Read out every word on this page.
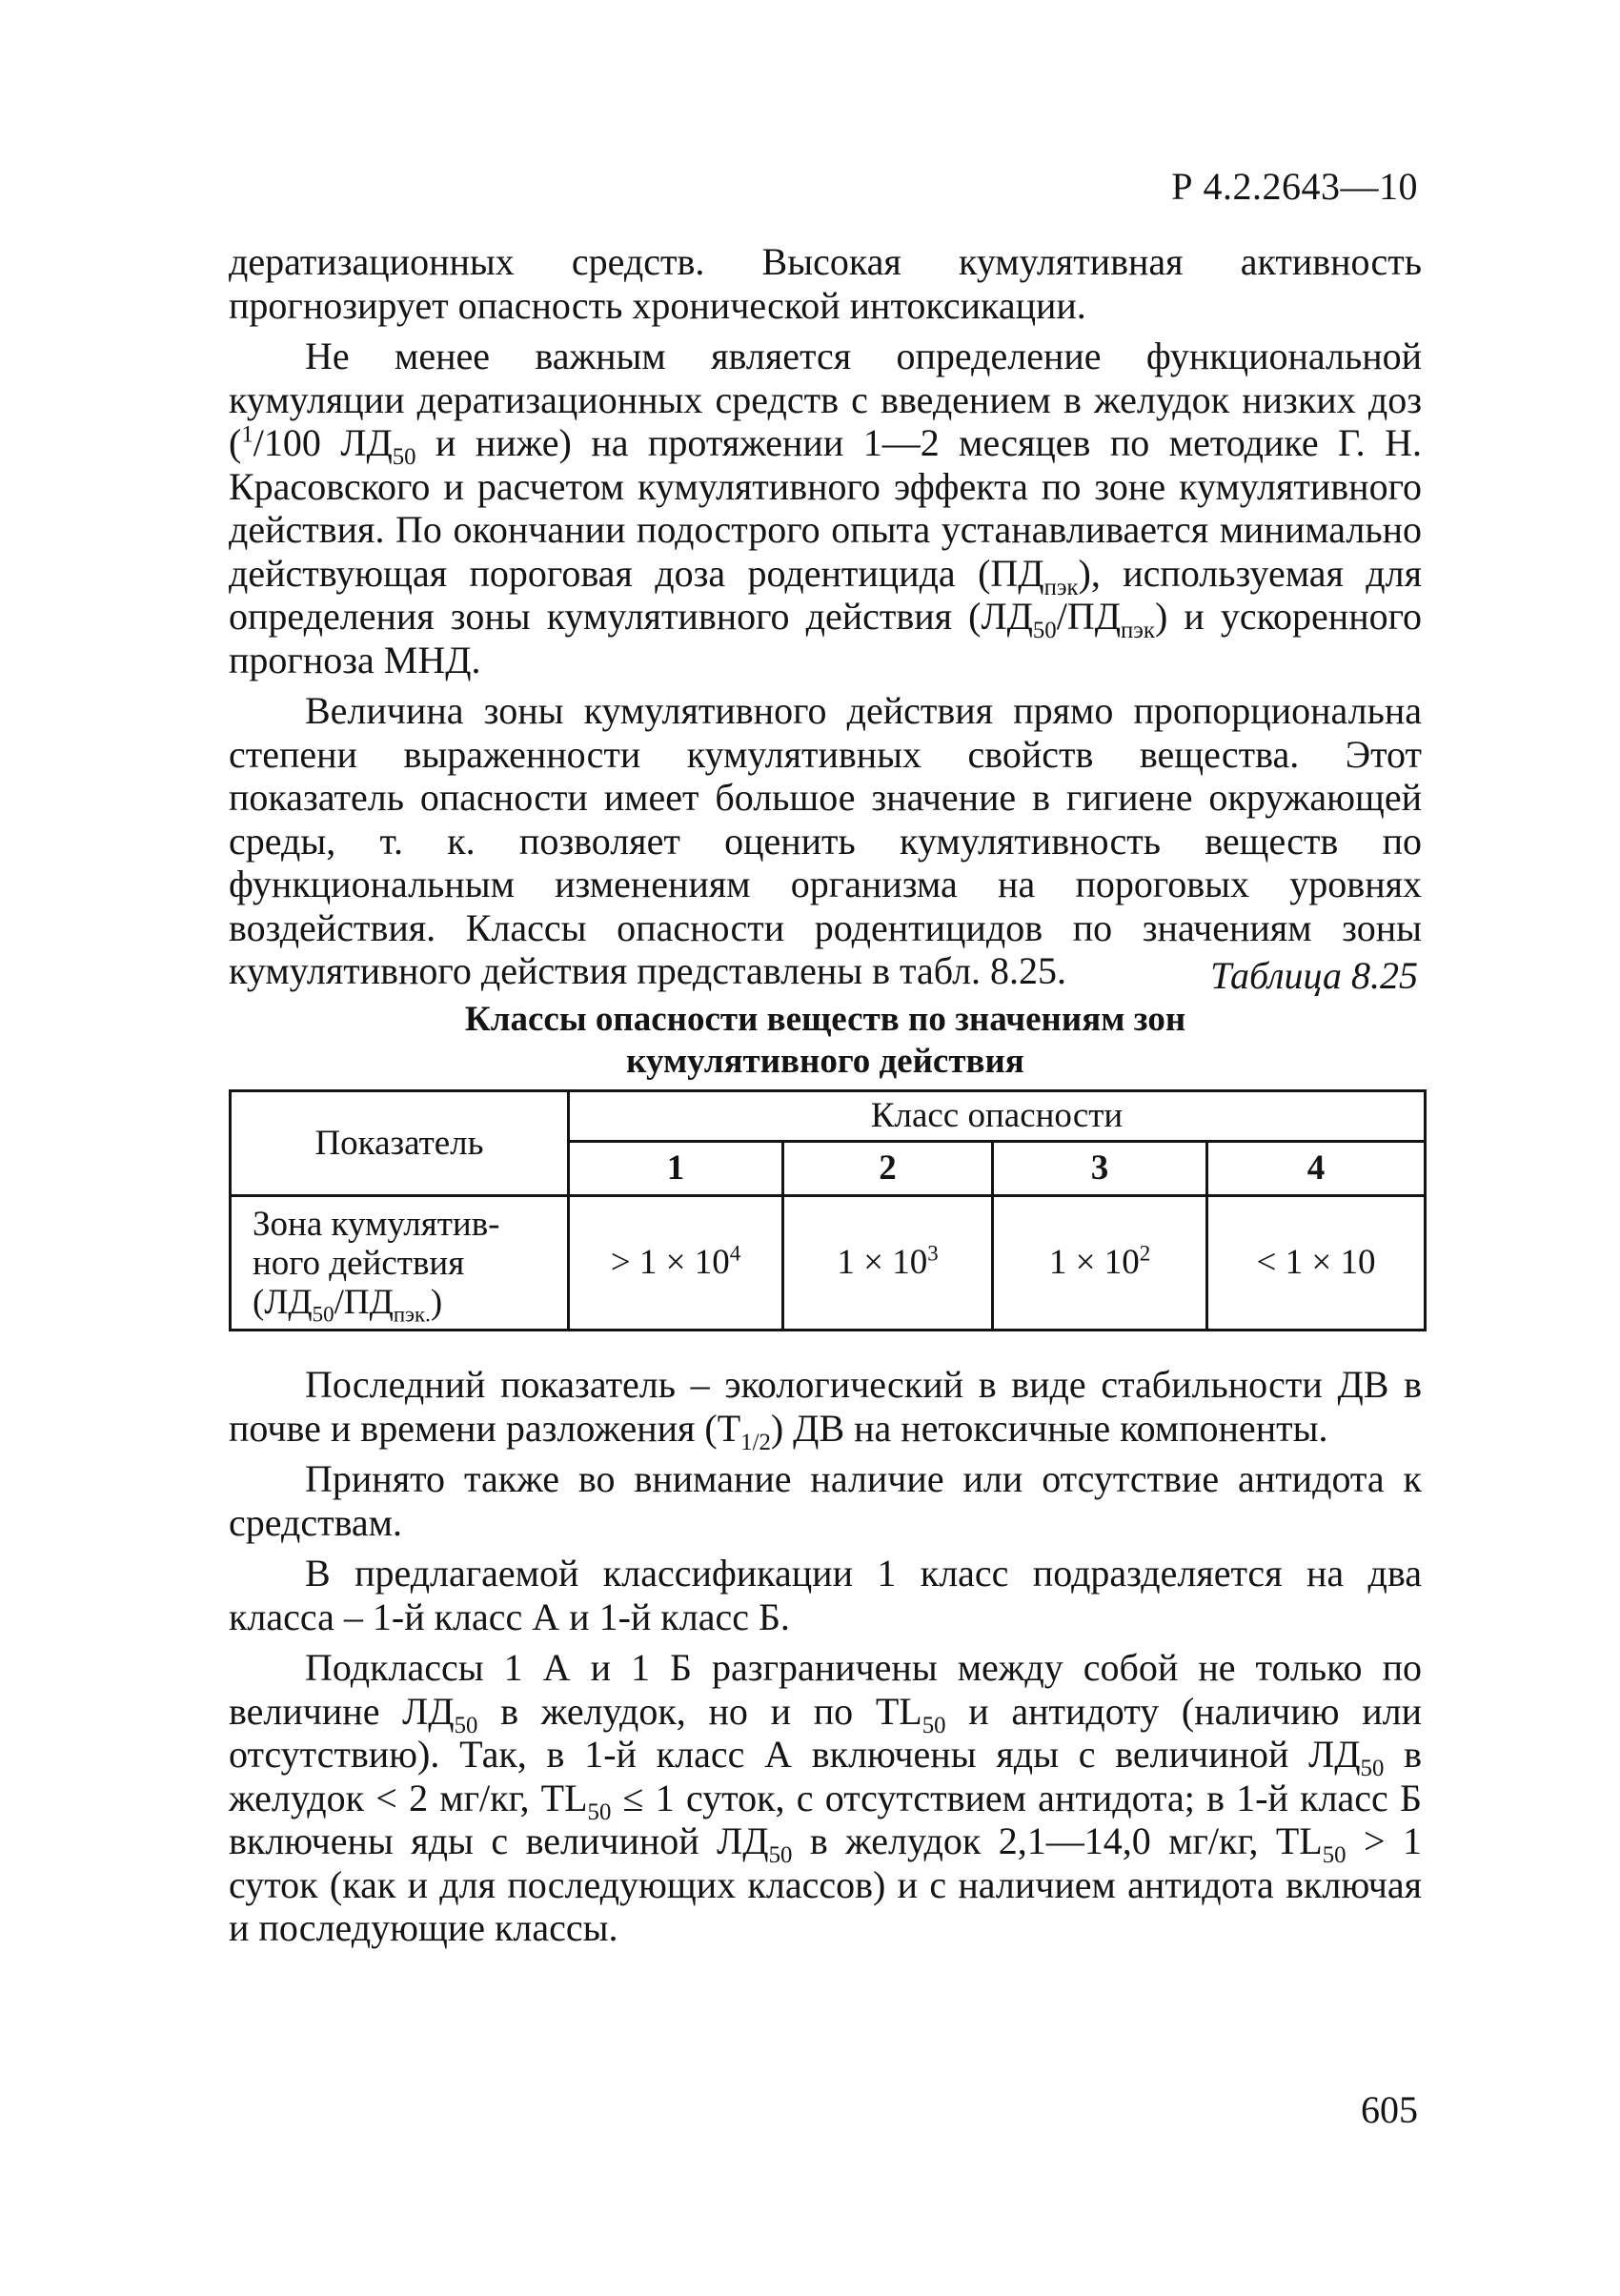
Р 4.2.2643—10

дератизационных средств. Высокая кумулятивная активность прогнозирует опасность хронической интоксикации.

Не менее важным является определение функциональной кумуляции дератизационных средств с введением в желудок низких доз ($^1$/100 $ЛД_{50}$ и ниже) на протяжении 1—2 месяцев по методике Г. Н. Красовского и расчетом кумулятивного эффекта по зоне кумулятивного действия. По окончании подострого опыта устанавливается минимально действующая пороговая доза родентицида $(ПД_{пэк})$, используемая для определения зоны кумулятивного действия $(ЛД_{50}/ПД_{пэк})$ и ускоренного прогноза МНД.

Величина зоны кумулятивного действия прямо пропорциональна степени выраженности кумулятивных свойств вещества. Этот показатель опасности имеет большое значение в гигиене окружающей среды, т. к. позволяет оценить кумулятивность веществ по функциональным изменениям организма на пороговых уровнях воздействия. Классы опасности родентицидов по значениям зоны кумулятивного действия представлены в табл. 8.25.	Таблица 8.25
Классы опасности веществ по значениям зон
кумулятивного действия
Показатель	Класс опасности			
	1	2	3	4

Зона кумулятив-
ного действия
$(ЛД_{50}/ПД_{пэк.})$	> $1 \times 10^4$	$1 \times 10^3$	$1 \times 10^2$	< 1 × 10

Последний показатель – экологический в виде стабильности ДВ в почве и времени разложения $(T_{1/2})$ ДВ на нетоксичные компоненты.

Принято также во внимание наличие или отсутствие антидота к средствам.

В предлагаемой классификации 1 класс подразделяется на два класса – 1-й класс А и 1-й класс Б.

Подклассы 1 А и 1 Б разграничены между собой не только по величине $ЛД_{50}$ в желудок, но и по $TL_{50}$ и антидоту (наличию или отсутствию). Так, в 1-й класс А включены яды с величиной $ЛД_{50}$ в желудок < 2 мг/кг, $TL_{50} \le 1$ суток, с отсутствием антидота; в 1-й класс Б включены яды с величиной $ЛД_{50}$ в желудок 2,1—14,0 мг/кг, $TL_{50} > 1$ суток (как и для последующих классов) и с наличием антидота включая и последующие классы.

605
